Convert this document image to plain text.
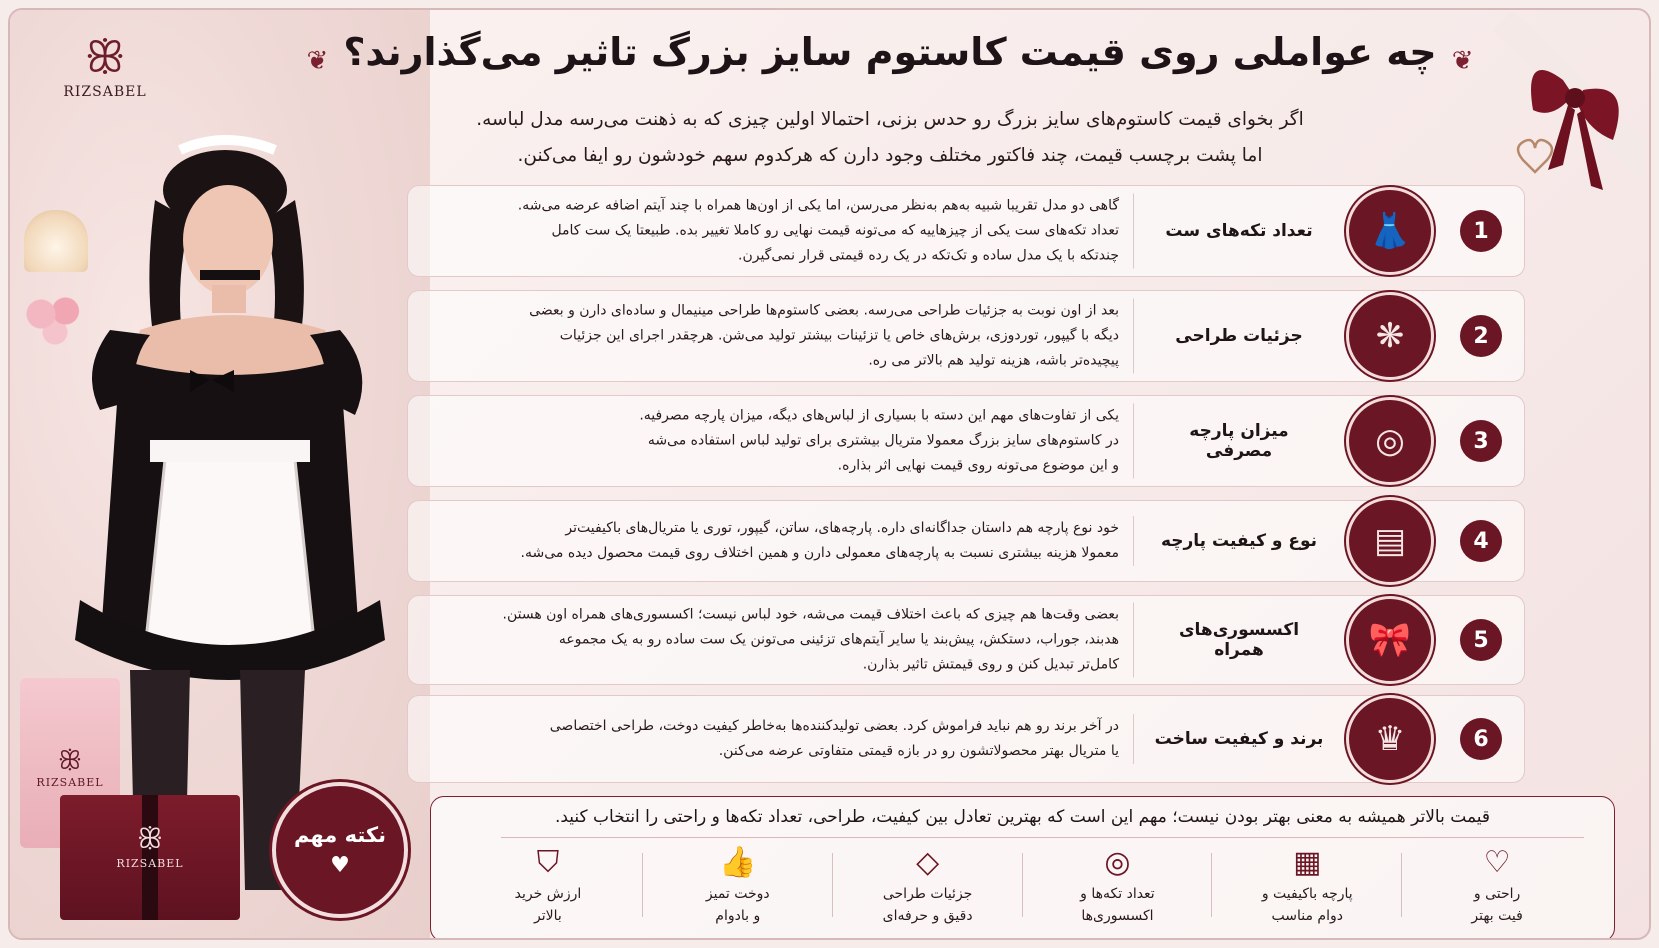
ꕥ
RIZSABEL
ꕥ
RIZSABEL
ꕥ
RIZSABEL
نکته مهم
♥
❦ چه عواملی روی قیمت کاستوم سایز بزرگ تاثیر می‌گذارند؟ ❦

اگر بخوای قیمت کاستوم‌های سایز بزرگ رو حدس بزنی، احتمالا اولین چیزی که به ذهنت می‌رسه مدل لباسه.

اما پشت برچسب قیمت، چند فاکتور مختلف وجود دارن که هرکدوم سهم خودشون رو ایفا می‌کنن.

1
👗
تعداد تکه‌های ست
گاهی دو مدل تقریبا شبیه به‌هم به‌نظر می‌رسن، اما یکی از اون‌ها همراه با چند آیتم اضافه عرضه می‌شه.
تعداد تکه‌های ست یکی از چیزهاییه که می‌تونه قیمت نهایی رو کاملا تغییر بده. طبیعتا یک ست کامل
چندتکه با یک مدل ساده و تک‌تکه در یک رده قیمتی قرار نمی‌گیرن.
2
❋
جزئیات طراحی
بعد از اون نوبت به جزئیات طراحی می‌رسه. بعضی کاستوم‌ها طراحی مینیمال و ساده‌ای دارن و بعضی
دیگه با گیپور، توردوزی، برش‌های خاص یا تزئینات بیشتر تولید می‌شن. هرچقدر اجرای این جزئیات
پیچیده‌تر باشه، هزینه تولید هم بالاتر می ره.
3
◎
میزان پارچه مصرفی
یکی از تفاوت‌های مهم این دسته با بسیاری از لباس‌های دیگه، میزان پارچه مصرفیه.
در کاستوم‌های سایز بزرگ معمولا متریال بیشتری برای تولید لباس استفاده می‌شه
و این موضوع می‌تونه روی قیمت نهایی اثر بذاره.
4
▤
نوع و کیفیت پارچه
خود نوع پارچه هم داستان جداگانه‌ای داره. پارچه‌های، ساتن، گیپور، توری یا متریال‌های باکیفیت‌تر
معمولا هزینه بیشتری نسبت به پارچه‌های معمولی دارن و همین اختلاف روی قیمت محصول دیده می‌شه.
5
🎀
اکسسوری‌های همراه
بعضی وقت‌ها هم چیزی که باعث اختلاف قیمت می‌شه، خود لباس نیست؛ اکسسوری‌های همراه اون هستن.
هدبند، جوراب، دستکش، پیش‌بند یا سایر آیتم‌های تزئینی می‌تونن یک ست ساده رو به یک مجموعه
کامل‌تر تبدیل کنن و روی قیمتش تاثیر بذارن.
6
♛
برند و کیفیت ساخت
در آخر برند رو هم نباید فراموش کرد. بعضی تولیدکننده‌ها به‌خاطر کیفیت دوخت، طراحی اختصاصی
یا متریال بهتر محصولاتشون رو در بازه قیمتی متفاوتی عرضه می‌کنن.
قیمت بالاتر همیشه به معنی بهتر بودن نیست؛ مهم این است که بهترین تعادل بین کیفیت، طراحی، تعداد تکه‌ها و راحتی را انتخاب کنید.
♡
راحتی و
فیت بهتر
▦
پارچه باکیفیت و
دوام مناسب
◎
تعداد تکه‌ها و
اکسسوری‌ها
◇
جزئیات طراحی
دقیق و حرفه‌ای
👍
دوخت تمیز
و بادوام
⛉
ارزش خرید
بالاتر
